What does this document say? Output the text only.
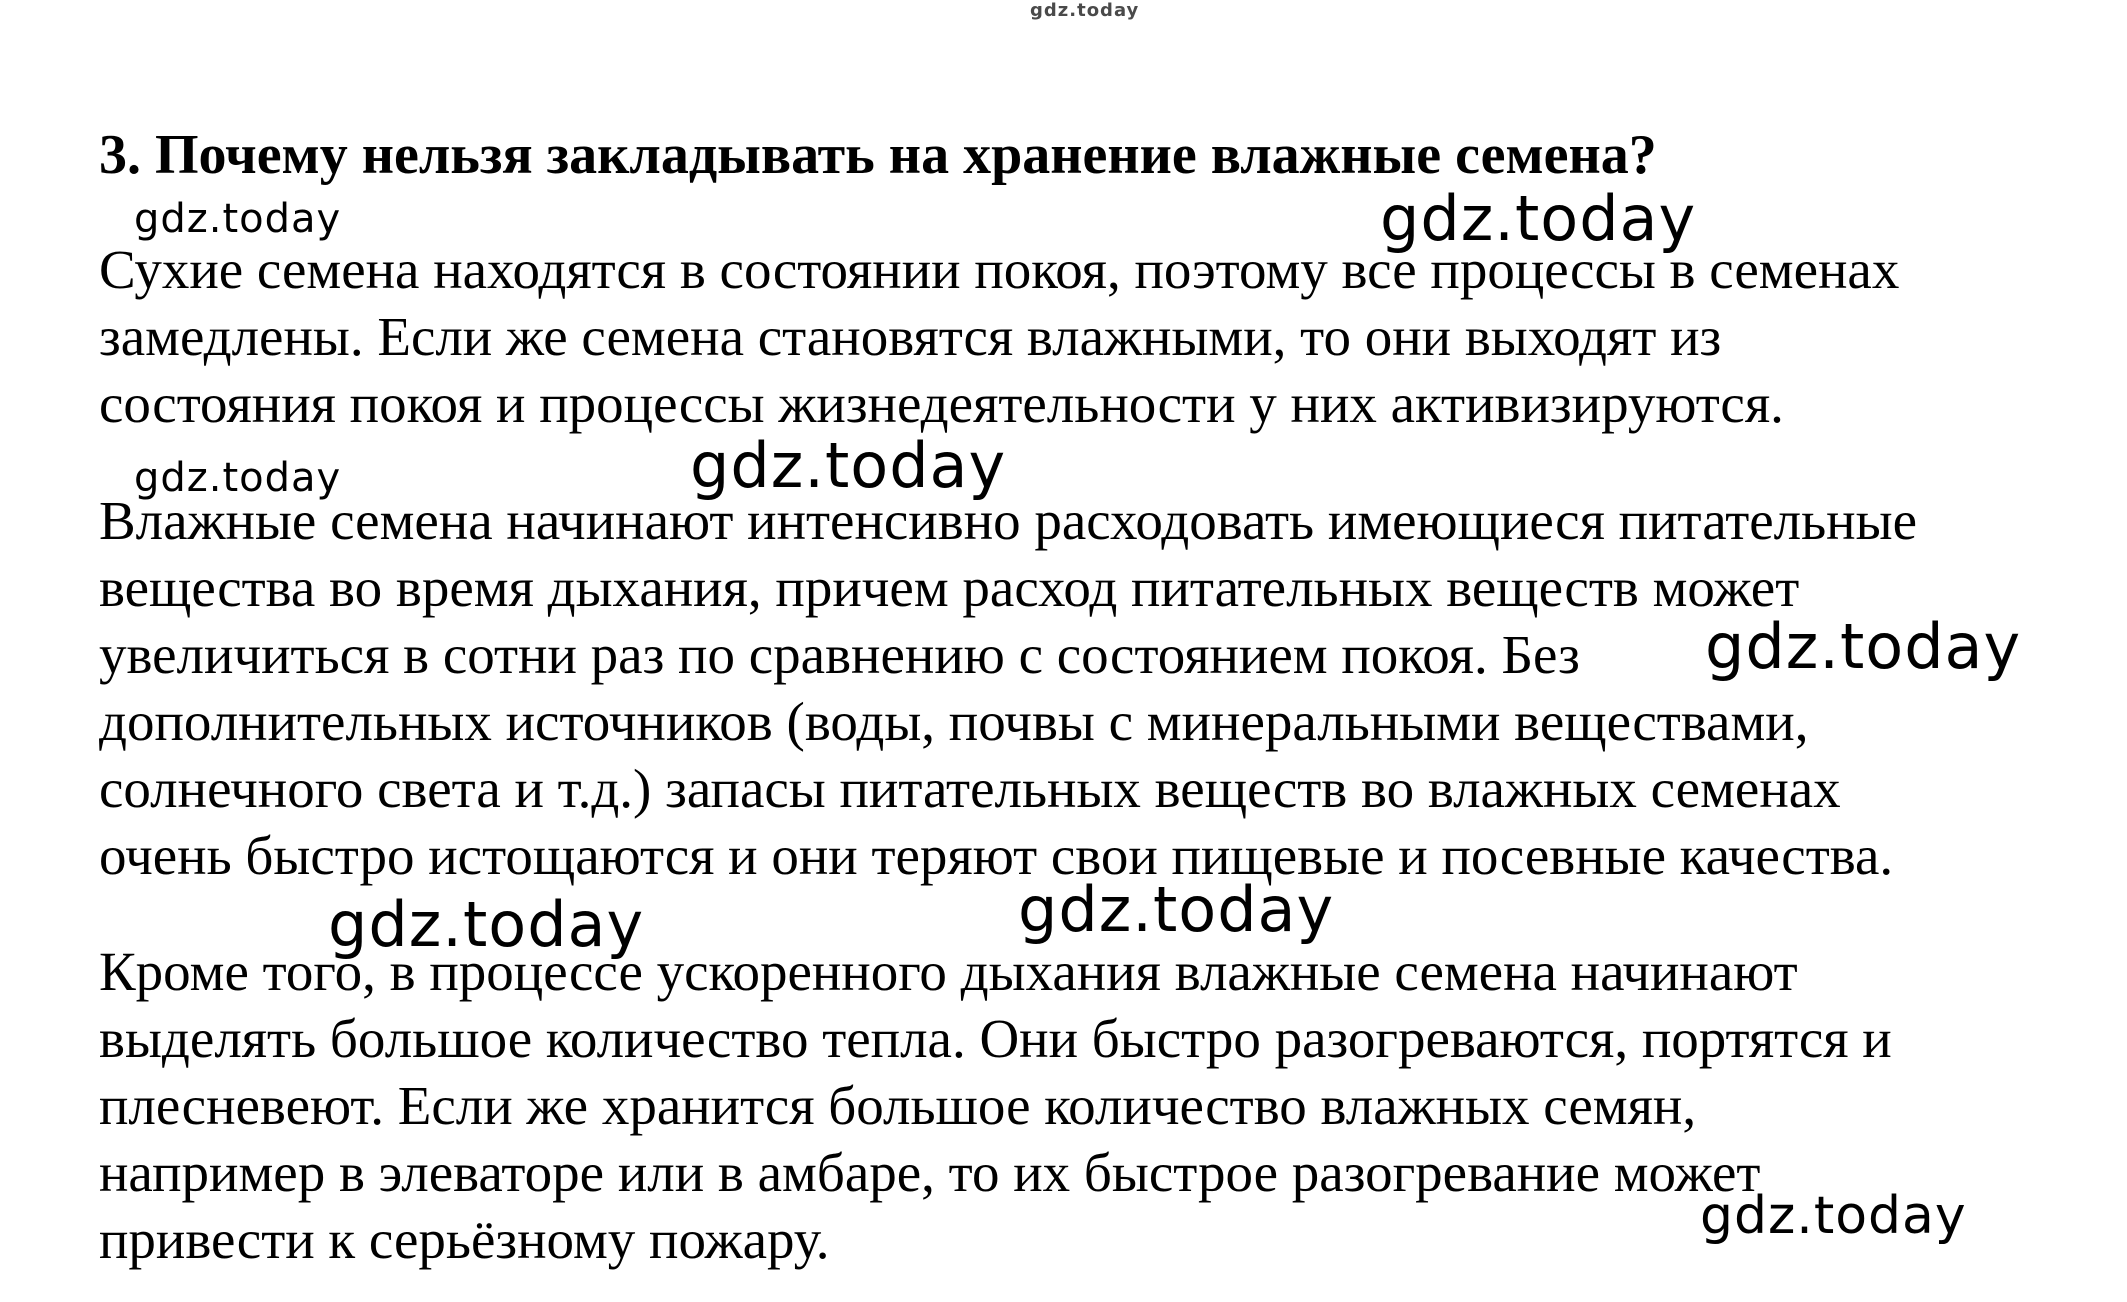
gdz.today
3. Почему нельзя закладывать на хранение влажные семена?
gdz.today	gdz.today

Сухие семена находятся в состоянии покоя, поэтому все процессы в семенах
замедлены. Если же семена становятся влажными, то они выходят из
состояния покоя и процессы жизнедеятельности у них активизируются.

gdz.today	gdz.today

Влажные семена начинают интенсивно расходовать имеющиеся питательные
вещества во время дыхания, причем расход питательных веществ может
увеличиться в сотни раз по сравнению с состоянием покоя. Без
дополнительных источников (воды, почвы с минеральными веществами,
солнечного света и т.д.) запасы питательных веществ во влажных семенах
очень быстро истощаются и они теряют свои пищевые и посевные качества.

gdz.today
gdz.today	gdz.today

Кроме того, в процессе ускоренного дыхания влажные семена начинают
выделять большое количество тепла. Они быстро разогреваются, портятся и
плесневеют. Если же хранится большое количество влажных семян,
например в элеваторе или в амбаре, то их быстрое разогревание может
привести к серьёзному пожару.	gdz.today
